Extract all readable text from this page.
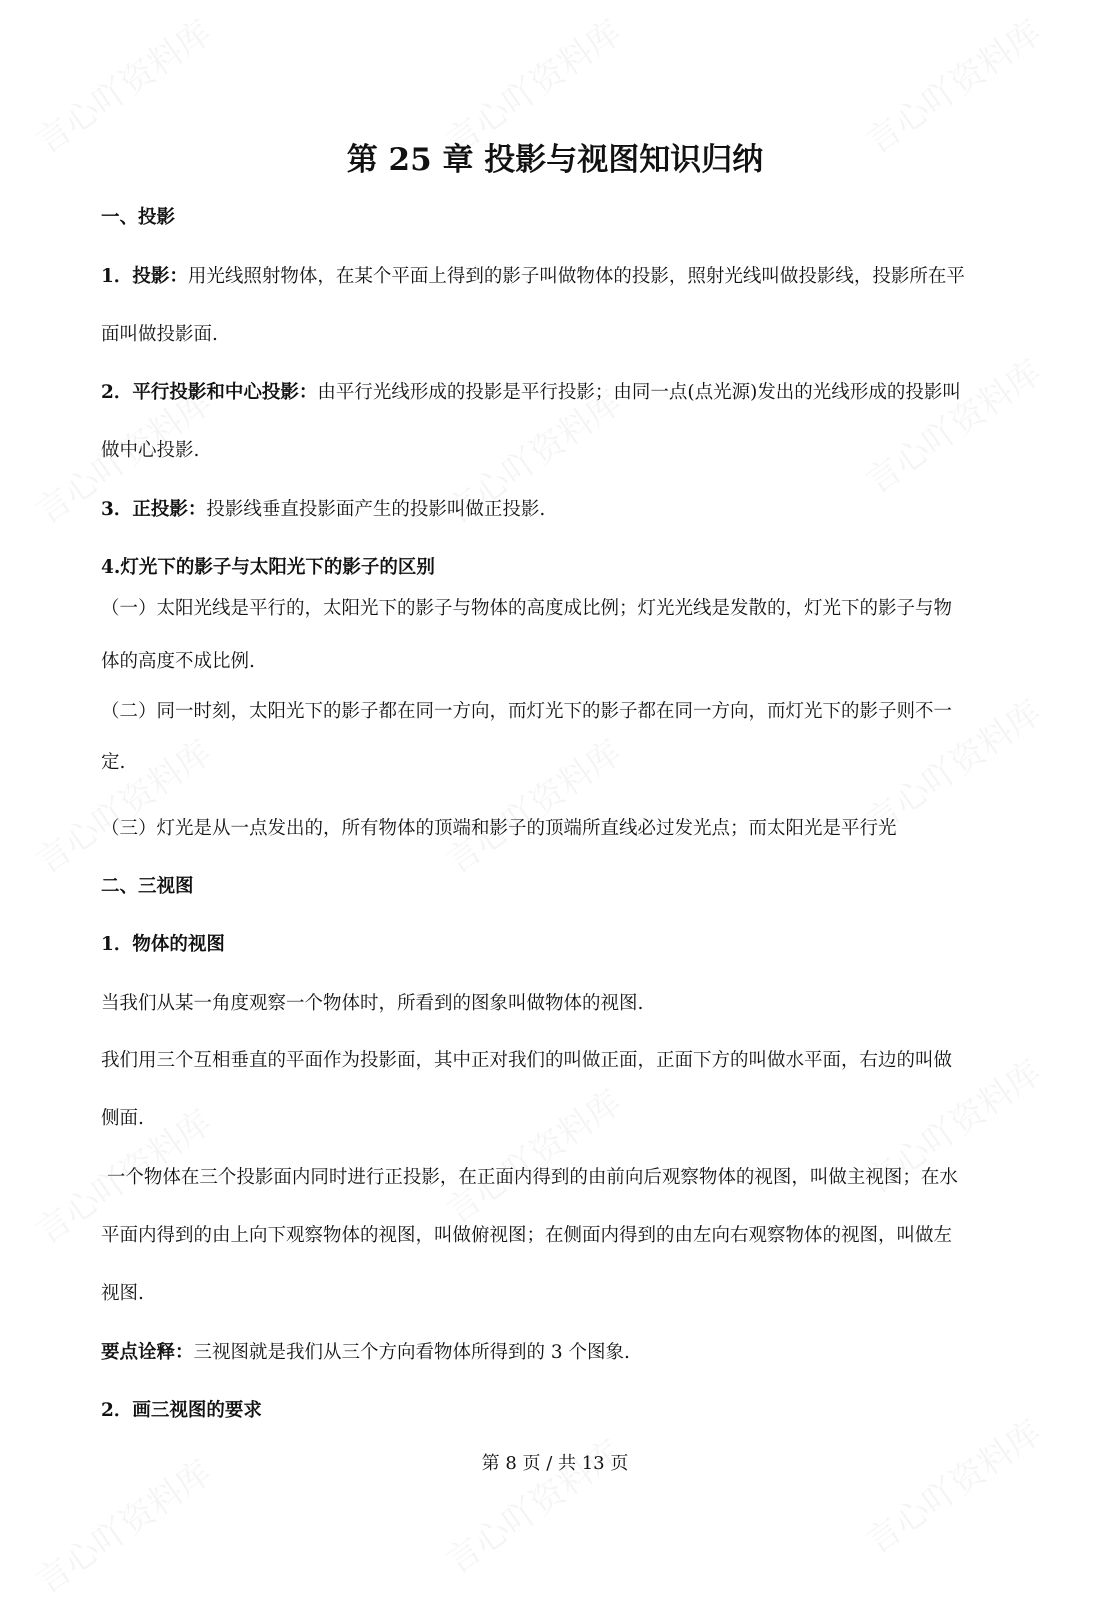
第 25 章 投影与视图知识归纳
一、投影
1．投影：用光线照射物体，在某个平面上得到的影子叫做物体的投影，照射光线叫做投影线，投影所在平
面叫做投影面.
2．平行投影和中心投影：由平行光线形成的投影是平行投影；由同一点(点光源)发出的光线形成的投影叫
做中心投影.
3．正投影：投影线垂直投影面产生的投影叫做正投影.
4.灯光下的影子与太阳光下的影子的区别
（一）太阳光线是平行的，太阳光下的影子与物体的高度成比例；灯光光线是发散的，灯光下的影子与物
体的高度不成比例.
（二）同一时刻，太阳光下的影子都在同一方向，而灯光下的影子都在同一方向，而灯光下的影子则不一
定.
（三）灯光是从一点发出的，所有物体的顶端和影子的顶端所直线必过发光点；而太阳光是平行光
二、三视图
1．物体的视图
当我们从某一角度观察一个物体时，所看到的图象叫做物体的视图.
我们用三个互相垂直的平面作为投影面，其中正对我们的叫做正面，正面下方的叫做水平面，右边的叫做
侧面.
一个物体在三个投影面内同时进行正投影，在正面内得到的由前向后观察物体的视图，叫做主视图；在水
平面内得到的由上向下观察物体的视图，叫做俯视图；在侧面内得到的由左向右观察物体的视图，叫做左
视图.
要点诠释：三视图就是我们从三个方向看物体所得到的 3 个图象.
2．画三视图的要求
第 8 页 / 共 13 页
